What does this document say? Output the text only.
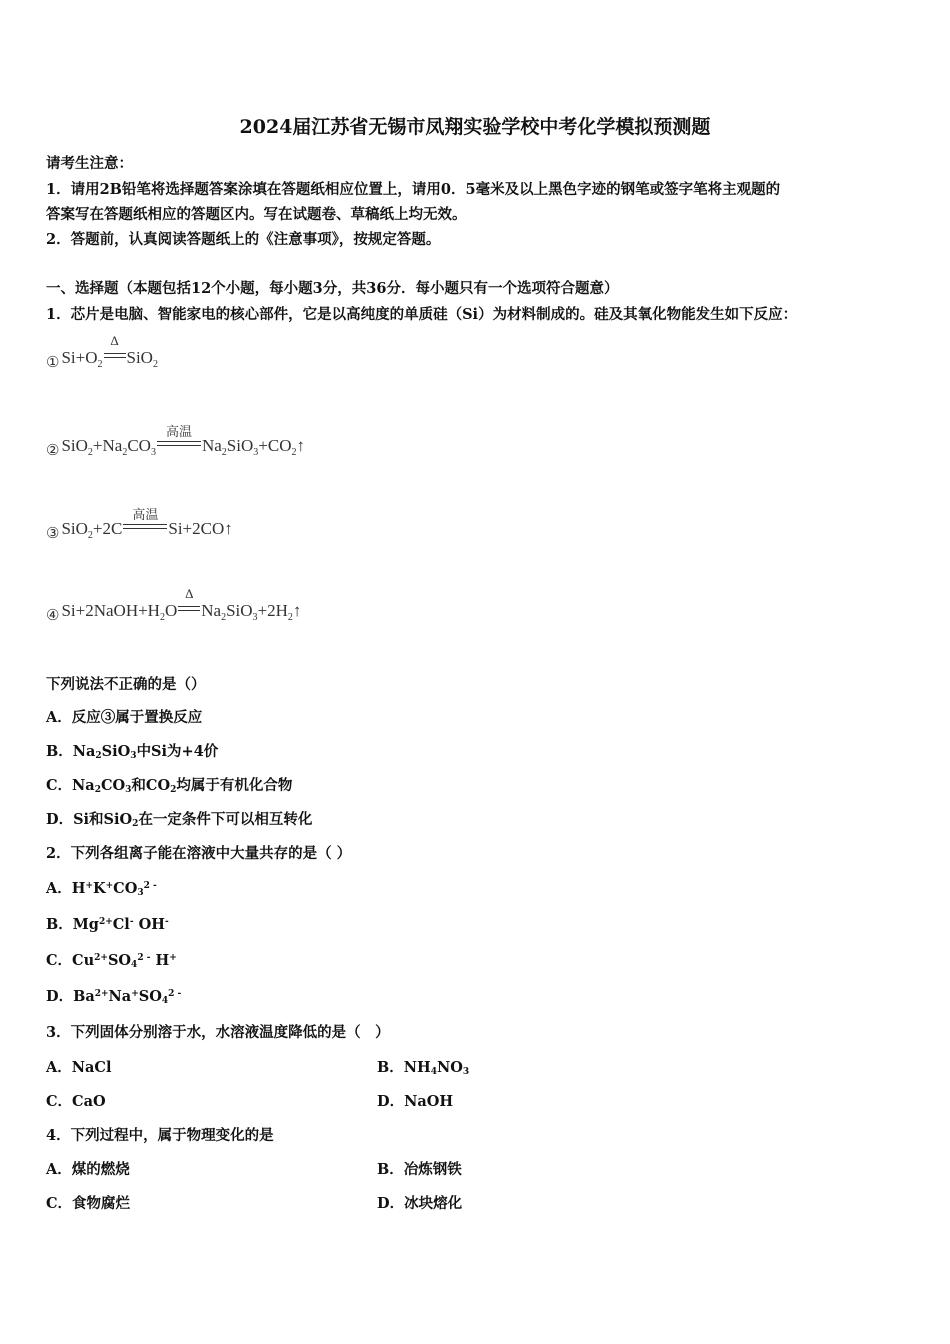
2024届江苏省无锡市凤翔实验学校中考化学模拟预测题
请考生注意：
1．请用2B铅笔将选择题答案涂填在答题纸相应位置上，请用0．5毫米及以上黑色字迹的钢笔或签字笔将主观题的
答案写在答题纸相应的答题区内。写在试题卷、草稿纸上均无效。
2．答题前，认真阅读答题纸上的《注意事项》，按规定答题。
一、选择题（本题包括12个小题，每小题3分，共36分．每小题只有一个选项符合题意）
1．芯片是电脑、智能家电的核心部件，它是以高纯度的单质硅（Si）为材料制成的。硅及其氧化物能发生如下反应：
① $Si+O_2$
Δ
SiO$_2$
② $SiO_2+Na_2CO_3$
高温
$Na_2SiO_3+CO_2↑$
③ SiO$_2$+2C
高温
Si+2CO↑
④ $Si+2NaOH+H_2O$
Δ
$Na_2SiO_3+2H_2↑$
下列说法不正确的是（）
A．反应③属于置换反应
B．$Na_2SiO_3$中Si为+4价
C．$Na_2CO_3$和$CO_2$均属于有机化合物
D．Si和SiO$_2$在一定条件下可以相互转化
2．下列各组离子能在溶液中大量共存的是（ ）
A．$H^+K^+CO_3^{2 -}$
B．$Mg^{2+}Cl^-$ OH-
C．$Cu^{2+}SO_4^{2 -}$ H+
D．$Ba^{2+}Na^+SO_4^{2 -}$
3．下列固体分别溶于水，水溶液温度降低的是（　）
A．NaCl	B．$NH_4NO_3$
C．CaO	D．NaOH
4．下列过程中，属于物理变化的是
A．煤的燃烧	B．冶炼钢铁
C．食物腐烂	D．冰块熔化
